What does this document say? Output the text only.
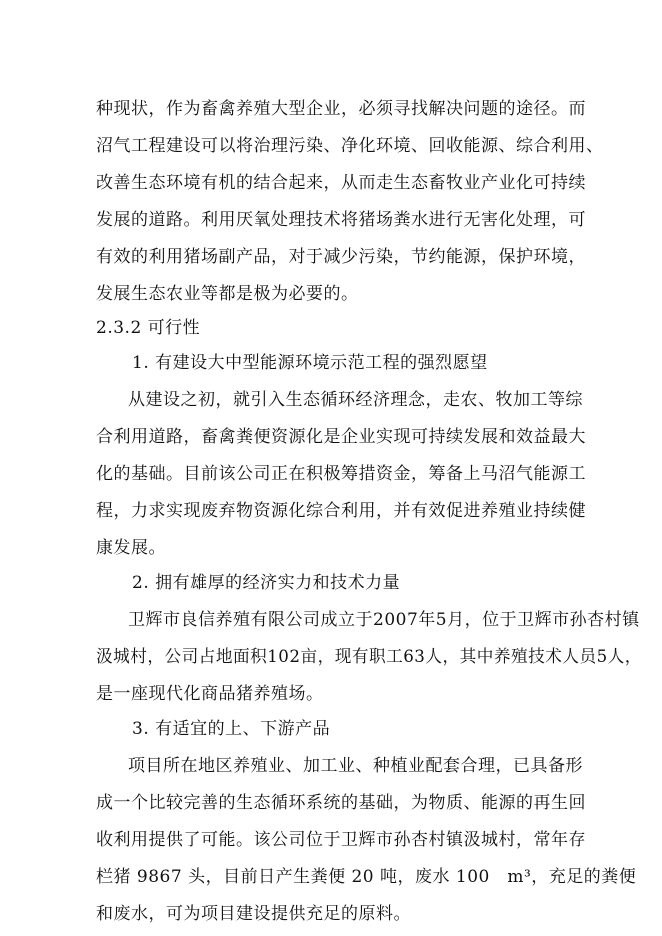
种现状，作为畜禽养殖大型企业，必须寻找解决问题的途径。而
沼气工程建设可以将治理污染、净化环境、回收能源、综合利用、
改善生态环境有机的结合起来，从而走生态畜牧业产业化可持续
发展的道路。利用厌氧处理技术将猪场粪水进行无害化处理，可
有效的利用猪场副产品，对于减少污染，节约能源，保护环境，
发展生态农业等都是极为必要的。
2.3.2 可行性
1. 有建设大中型能源环境示范工程的强烈愿望
从建设之初，就引入生态循环经济理念，走农、牧加工等综
合利用道路，畜禽粪便资源化是企业实现可持续发展和效益最大
化的基础。目前该公司正在积极筹措资金，筹备上马沼气能源工
程，力求实现废弃物资源化综合利用，并有效促进养殖业持续健
康发展。
2. 拥有雄厚的经济实力和技术力量
卫辉市良信养殖有限公司成立于2007年5月，位于卫辉市孙杏村镇
汲城村，公司占地面积102亩，现有职工63人，其中养殖技术人员5人，
是一座现代化商品猪养殖场。
3. 有适宜的上、下游产品
项目所在地区养殖业、加工业、种植业配套合理，已具备形
成一个比较完善的生态循环系统的基础，为物质、能源的再生回
收利用提供了可能。该公司位于卫辉市孙杏村镇汲城村，常年存
栏猪 9867 头，目前日产生粪便 20 吨，废水 100　m³，充足的粪便
和废水，可为项目建设提供充足的原料。
